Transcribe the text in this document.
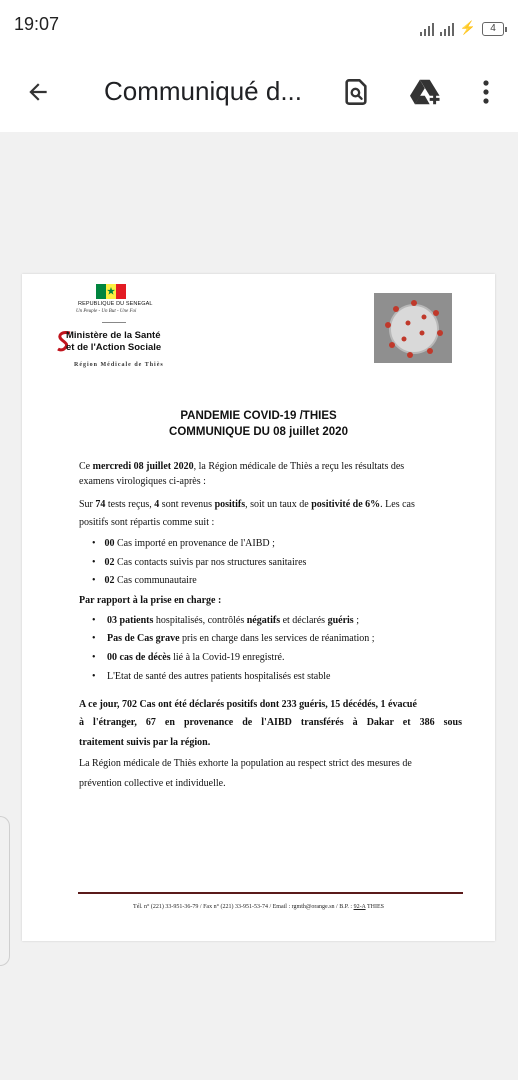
19:07	⚡	4
Communiqué d...
REPUBLIQUE DU SENEGAL
Un Peuple - Un But - Une Foi
Ministère de la Santé
et de l'Action Sociale
Région Médicale de Thiès
PANDEMIE COVID-19 /THIES
COMMUNIQUE DU 08 juillet 2020
Ce mercredi 08 juillet 2020, la Région médicale de Thiès a reçu les résultats des
examens virologiques ci-après :
Sur 74 tests reçus, 4 sont revenus positifs, soit un taux de positivité de 6%. Les cas
positifs sont répartis comme suit :
• 00 Cas importé en provenance de l'AIBD ;
• 02 Cas contacts suivis par nos structures sanitaires
• 02 Cas communautaire
Par rapport à la prise en charge :
• 03 patients hospitalisés, contrôlés négatifs et déclarés guéris ;
• Pas de Cas grave pris en charge dans les services de réanimation ;
• 00 cas de décès lié à la Covid-19 enregistré.
• L'Etat de santé des autres patients hospitalisés est stable
A ce jour, 702 Cas ont été déclarés positifs dont 233 guéris, 15 décédés, 1 évacué
à l'étranger, 67 en provenance de l'AIBD transférés à Dakar et 386 sous
traitement suivis par la région.
La Région médicale de Thiès exhorte la population au respect strict des mesures de
prévention collective et individuelle.
Tél. n° (221) 33-951-36-79 / Fax n° (221) 33-951-53-74 / Email : rgmth@orange.sn / B.P. : 92-A THIES
